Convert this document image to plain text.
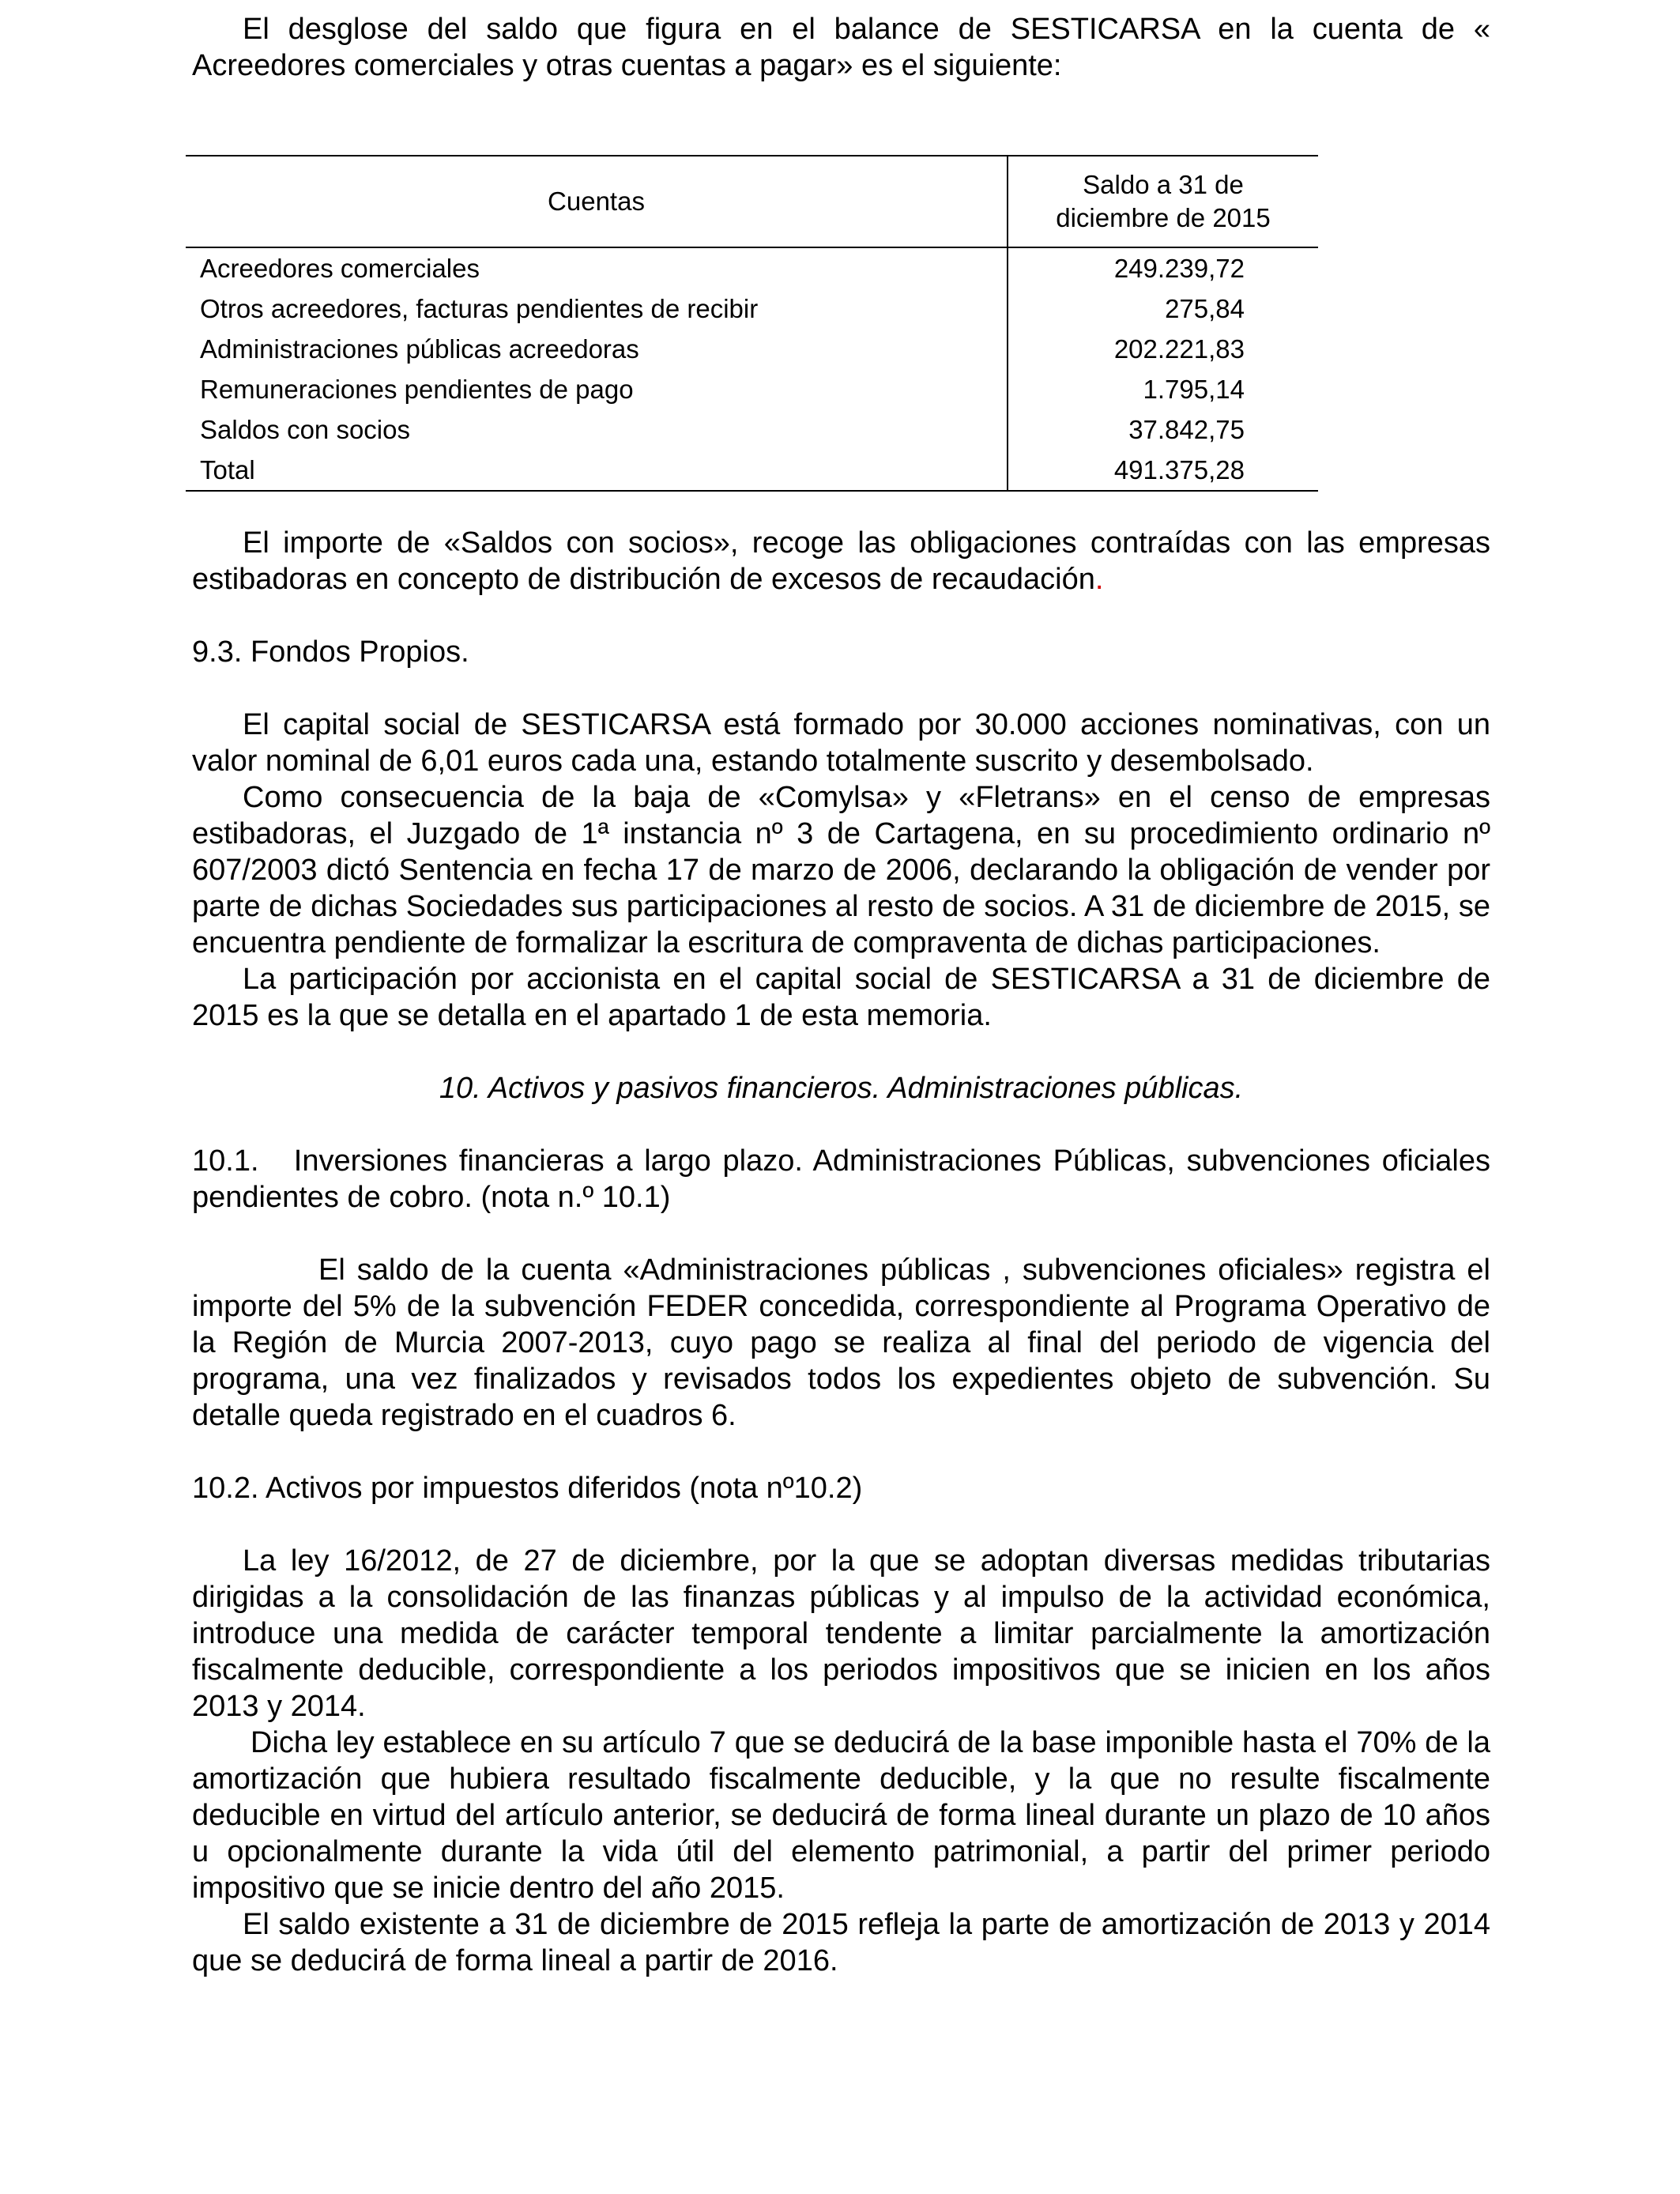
El desglose del saldo que figura en el balance de SESTICARSA en la cuenta de « Acreedores comerciales y otras cuentas a pagar» es el siguiente:

Cuentas	Saldo a 31 de
diciembre de 2015
Acreedores comerciales	249.239,72
Otros acreedores, facturas pendientes de recibir	275,84
Administraciones públicas acreedoras	202.221,83
Remuneraciones pendientes de pago	1.795,14
Saldos con socios	37.842,75
Total	491.375,28

El importe de «Saldos con socios», recoge las obligaciones contraídas con las empresas estibadoras en concepto de distribución de excesos de recaudación.

9.3. Fondos Propios.

El capital social de SESTICARSA está formado por 30.000 acciones nominativas, con un valor nominal de 6,01 euros cada una, estando totalmente suscrito y desembolsado.

Como consecuencia de la baja de «Comylsa» y «Fletrans» en el censo de empresas estibadoras, el Juzgado de 1ª instancia nº 3 de Cartagena, en su procedimiento ordinario nº 607/2003 dictó Sentencia en fecha 17 de marzo de 2006, declarando la obligación de vender por parte de dichas Sociedades sus participaciones al resto de socios. A 31 de diciembre de 2015, se encuentra pendiente de formalizar la escritura de compraventa de dichas participaciones.

La participación por accionista en el capital social de SESTICARSA a 31 de diciembre de 2015 es la que se detalla en el apartado 1 de esta memoria.

10. Activos y pasivos financieros. Administraciones públicas.

10.1.   Inversiones financieras a largo plazo. Administraciones Públicas, subvenciones oficiales pendientes de cobro. (nota n.º 10.1)

El saldo de la cuenta «Administraciones públicas , subvenciones oficiales» registra el importe del 5% de la subvención FEDER concedida, correspondiente al Programa Operativo de la Región de Murcia 2007-2013, cuyo pago se realiza al final del periodo de vigencia del programa, una vez finalizados y revisados todos los expedientes objeto de subvención. Su detalle queda registrado en el cuadros 6.

10.2. Activos por impuestos diferidos (nota nº10.2)

La ley 16/2012, de 27 de diciembre, por la que se adoptan diversas medidas tributarias dirigidas a la consolidación de las finanzas públicas y al impulso de la actividad económica, introduce una medida de carácter temporal tendente a limitar parcialmente la amortización fiscalmente deducible, correspondiente a los periodos impositivos que se inicien en los años 2013 y 2014.

Dicha ley establece en su artículo 7 que se deducirá de la base imponible hasta el 70% de la amortización que hubiera resultado fiscalmente deducible, y la que no resulte fiscalmente deducible en virtud del artículo anterior, se deducirá de forma lineal durante un plazo de 10 años u opcionalmente durante la vida útil del elemento patrimonial, a partir del primer periodo impositivo que se inicie dentro del año 2015.

El saldo existente a 31 de diciembre de 2015 refleja la parte de amortización de 2013 y 2014 que se deducirá de forma lineal a partir de 2016.
